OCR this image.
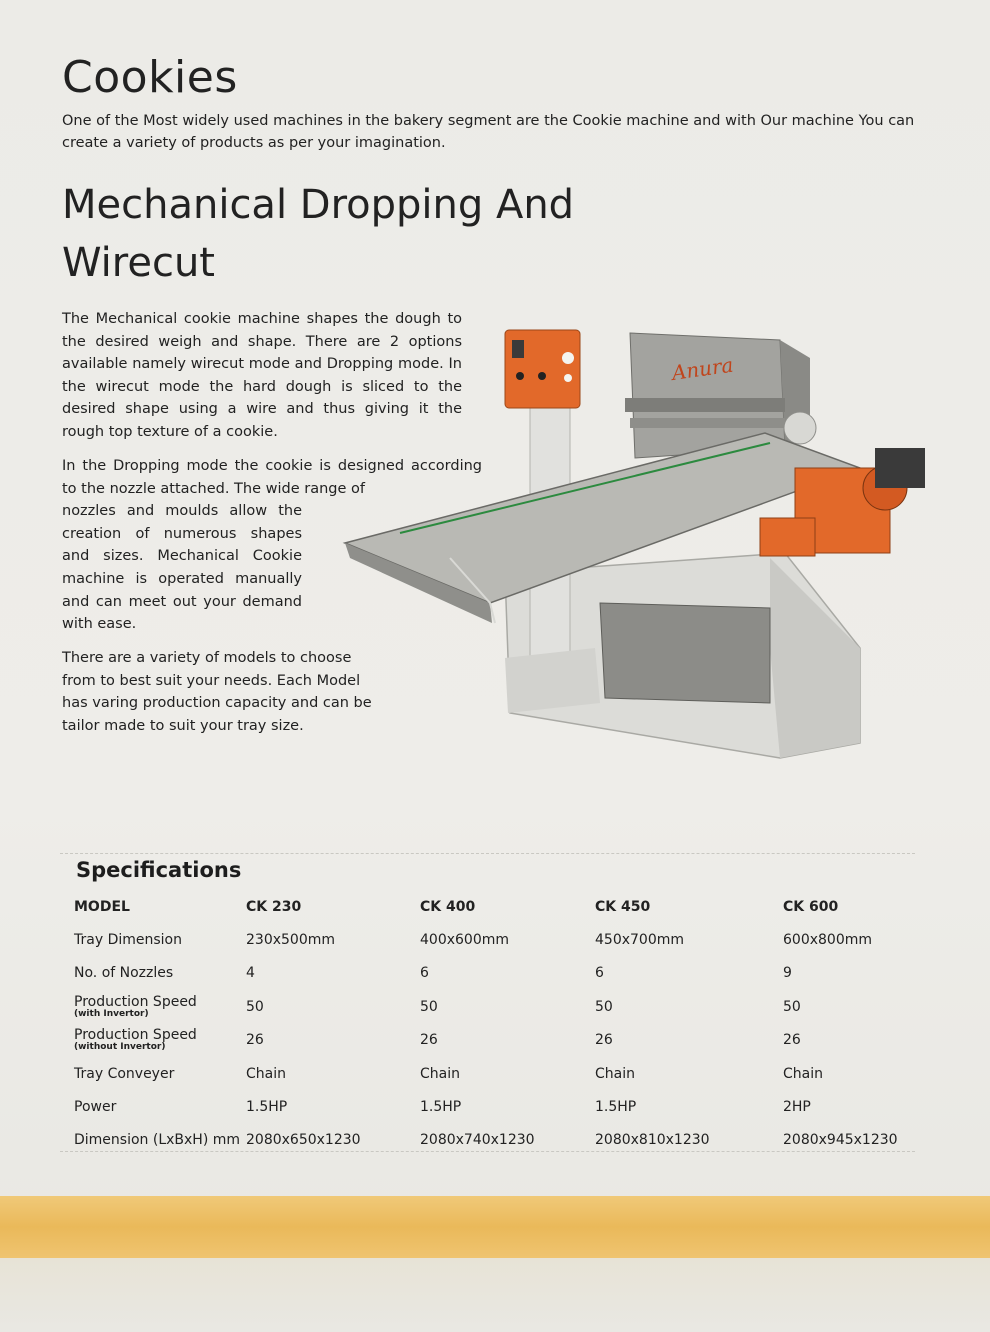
Cookies

One of the Most widely used machines in the bakery segment are the Cookie machine and with Our machine You can create a variety of products as per your imagination.

Mechanical Dropping And Wirecut

The Mechanical cookie machine shapes the dough to the desired weigh and shape. There are 2 options available namely wirecut mode and Dropping mode. In the wirecut mode the hard dough is sliced to the desired shape using a wire and thus giving it the rough top texture of a cookie.

In the Dropping mode the cookie is designed according to the nozzle attached. The wide range of
nozzles and moulds allow the creation of numerous shapes and sizes. Mechanical Cookie machine is operated manually and can meet out your demand with ease.

There are a variety of models to choose from to best suit your needs. Each Model has varing production capacity and can be tailor made to suit your tray size.

Anura
Specifications
MODEL	CK 230	CK 400	CK 450	CK 600
Tray Dimension	230x500mm	400x600mm	450x700mm	600x800mm
No. of Nozzles	4	6	6	9

Production Speed
(with Invertor)	50	50	50	50

Production Speed
(without Invertor)	26	26	26	26
Tray Conveyer	Chain	Chain	Chain	Chain
Power	1.5HP	1.5HP	1.5HP	2HP
Dimension (LxBxH) mm	2080x650x1230	2080x740x1230	2080x810x1230	2080x945x1230
